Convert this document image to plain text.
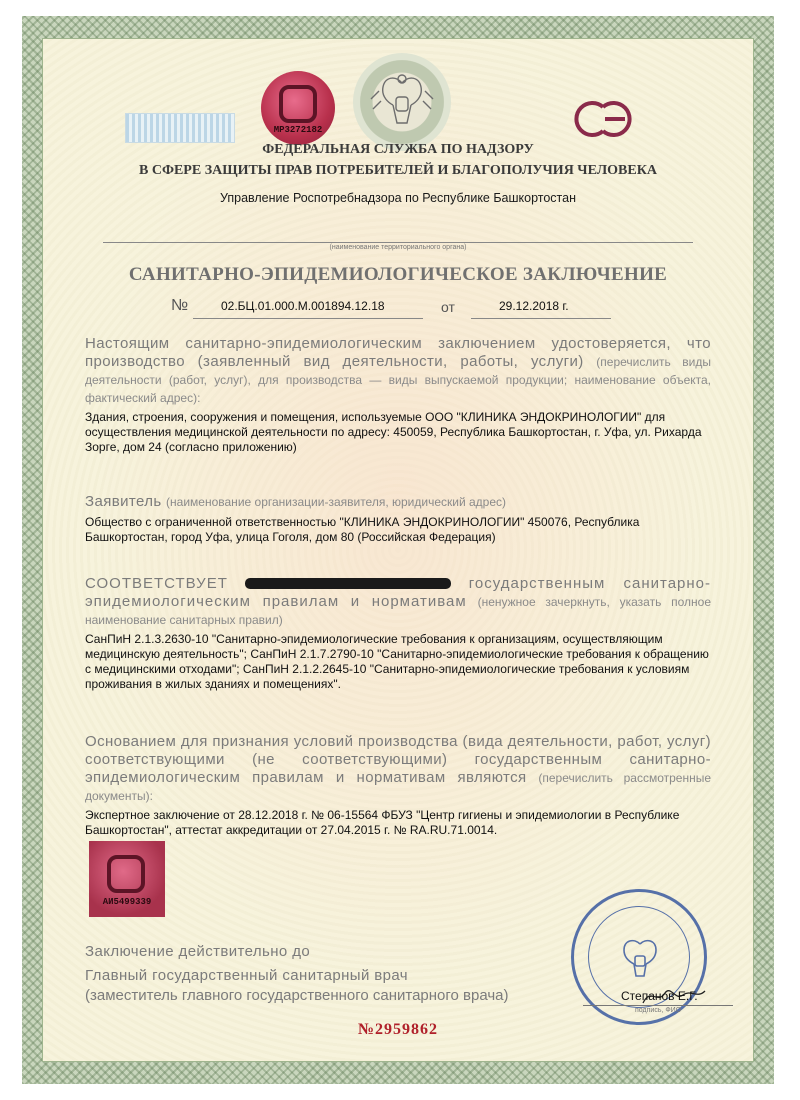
МР3272182
ФЕДЕРАЛЬНАЯ СЛУЖБА ПО НАДЗОРУ
В СФЕРЕ ЗАЩИТЫ ПРАВ ПОТРЕБИТЕЛЕЙ И БЛАГОПОЛУЧИЯ ЧЕЛОВЕКА
Управление Роспотребнадзора по Республике Башкортостан
(наименование территориального органа)
САНИТАРНО-ЭПИДЕМИОЛОГИЧЕСКОЕ ЗАКЛЮЧЕНИЕ
№	02.БЦ.01.000.М.001894.12.18	от	29.12.2018 г.
Настоящим санитарно-эпидемиологическим заключением удостоверяется, что производство (заявленный вид деятельности, работы, услуги) (перечислить виды деятельности (работ, услуг), для производства — виды выпускаемой продукции; наименование объекта, фактический адрес):
Здания, строения, сооружения и помещения, используемые ООО "КЛИНИКА ЭНДОКРИНОЛОГИИ" для осуществления медицинской деятельности по адресу: 450059, Республика Башкортостан, г. Уфа, ул. Рихарда Зорге, дом 24 (согласно приложению)
Заявитель (наименование организации-заявителя, юридический адрес)
Общество с ограниченной ответственностью "КЛИНИКА ЭНДОКРИНОЛОГИИ" 450076, Республика Башкортостан, город Уфа, улица Гоголя, дом 80 (Российская Федерация)
СООТВЕТСТВУЕТ	государственным санитарно-эпидемиологическим правилам и нормативам (ненужное зачеркнуть, указать полное наименование санитарных правил)
СанПиН 2.1.3.2630-10 "Санитарно-эпидемиологические требования к организациям, осуществляющим медицинскую деятельность"; СанПиН 2.1.7.2790-10 "Санитарно-эпидемиологические требования к обращению с медицинскими отходами"; СанПиН 2.1.2.2645-10 "Санитарно-эпидемиологические требования к условиям проживания в жилых зданиях и помещениях".
Основанием для признания условий производства (вида деятельности, работ, услуг) соответствующими (не соответствующими) государственным санитарно-эпидемиологическим правилам и нормативам являются (перечислить рассмотренные документы):
Экспертное заключение от 28.12.2018 г. № 06-15564 ФБУЗ "Центр гигиены и эпидемиологии в Республике Башкортостан", аттестат аккредитации от 27.04.2015 г. № RA.RU.71.0014.
АИ5499339
Заключение действительно до
Главный государственный санитарный врач
(заместитель главного государственного санитарного врача)	Степанов Е.Г.
подпись, ФИО
№2959862
